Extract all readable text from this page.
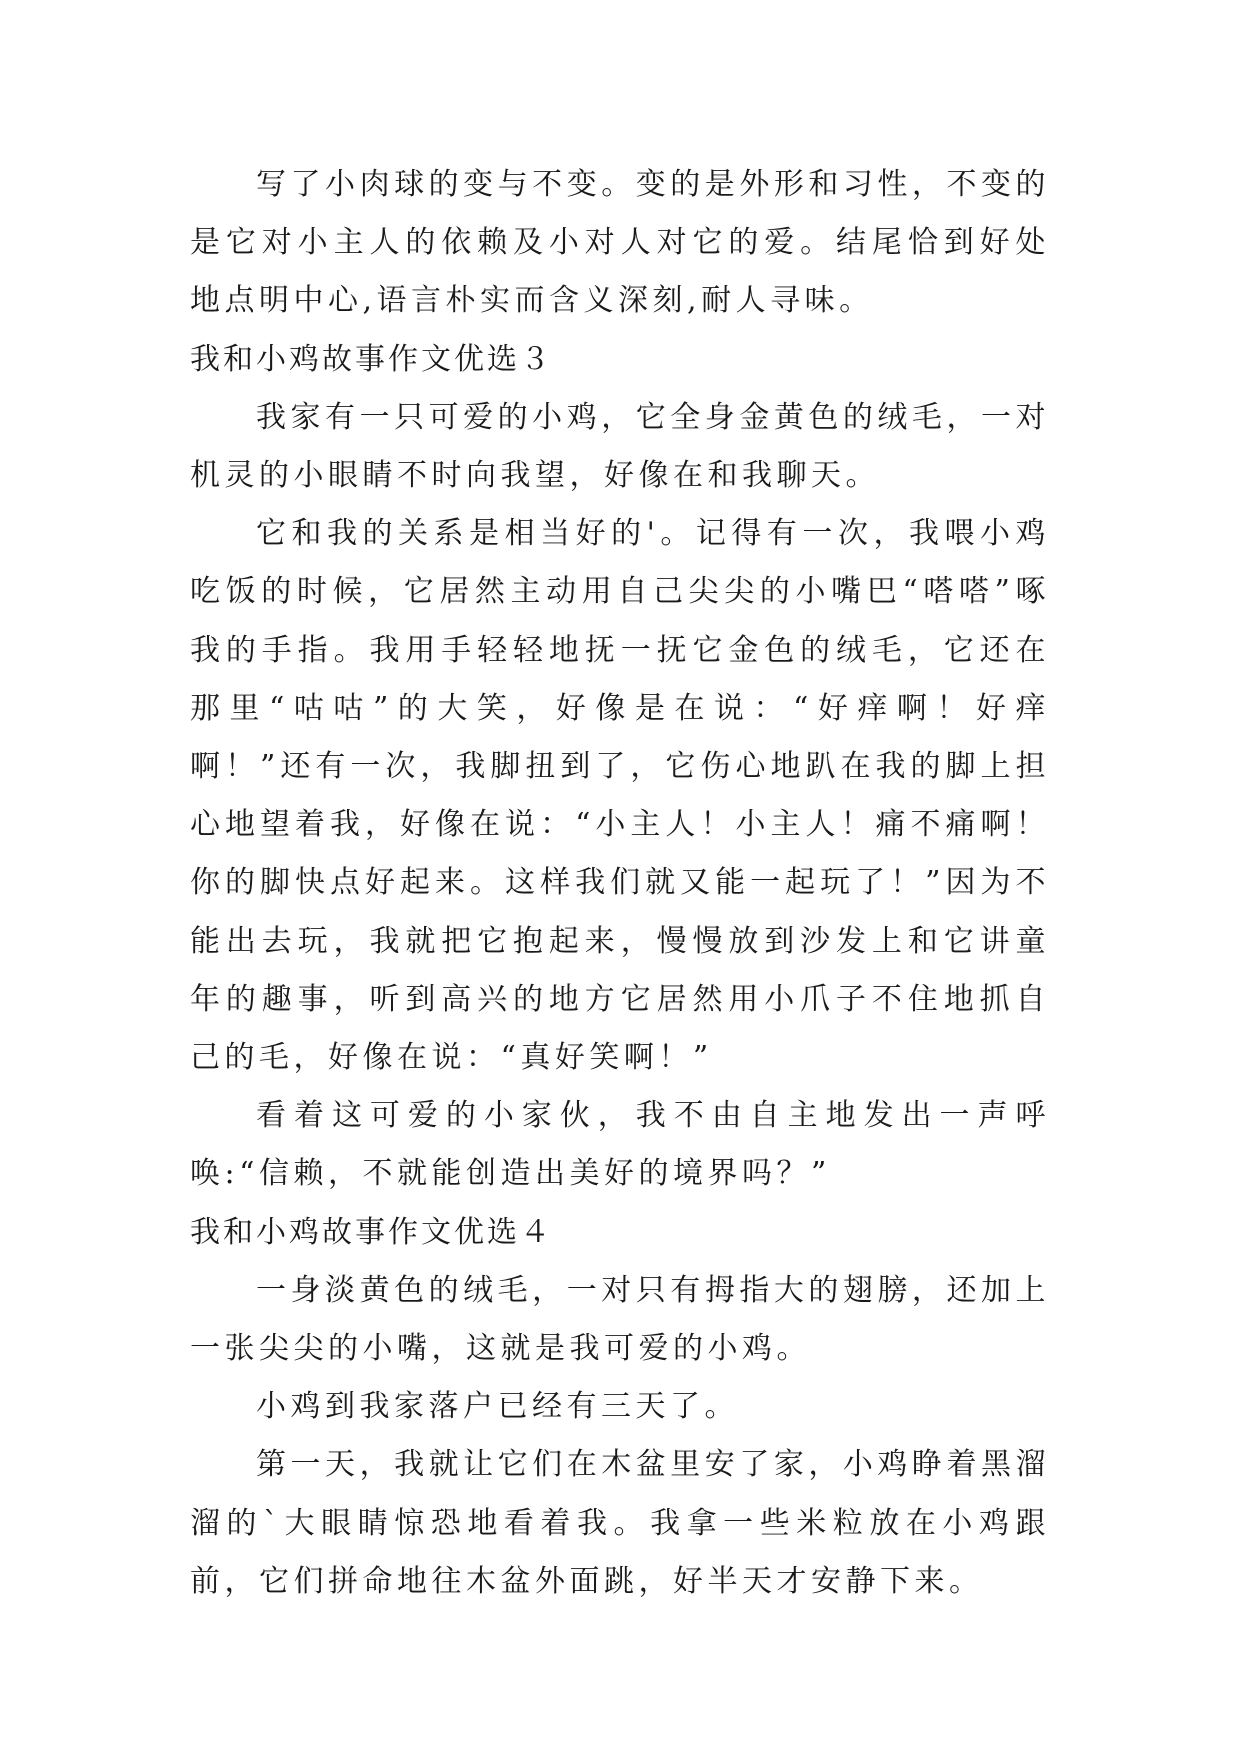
写了小肉球的变与不变。变的是外形和习性，不变的是它对小主人的依赖及小对人对它的爱。结尾恰到好处地点明中心,语言朴实而含义深刻,耐人寻味。

我和小鸡故事作文优选３

我家有一只可爱的小鸡，它全身金黄色的绒毛，一对机灵的小眼睛不时向我望，好像在和我聊天。

它和我的关系是相当好的'。记得有一次，我喂小鸡吃饭的时候，它居然主动用自己尖尖的小嘴巴“嗒嗒”啄我的手指。我用手轻轻地抚一抚它金色的绒毛，它还在那里“咕咕”的大笑，好像是在说：“好痒啊！好痒啊！”还有一次，我脚扭到了，它伤心地趴在我的脚上担心地望着我，好像在说：“小主人！小主人！痛不痛啊！你的脚快点好起来。这样我们就又能一起玩了！”因为不能出去玩，我就把它抱起来，慢慢放到沙发上和它讲童年的趣事，听到高兴的地方它居然用小爪子不住地抓自己的毛，好像在说：“真好笑啊！”

看着这可爱的小家伙，我不由自主地发出一声呼唤:“信赖，不就能创造出美好的境界吗？”

我和小鸡故事作文优选４

一身淡黄色的绒毛，一对只有拇指大的翅膀，还加上一张尖尖的小嘴，这就是我可爱的小鸡。

小鸡到我家落户已经有三天了。

第一天，我就让它们在木盆里安了家，小鸡睁着黑溜溜的`大眼睛惊恐地看着我。我拿一些米粒放在小鸡跟前，它们拼命地往木盆外面跳，好半天才安静下来。
